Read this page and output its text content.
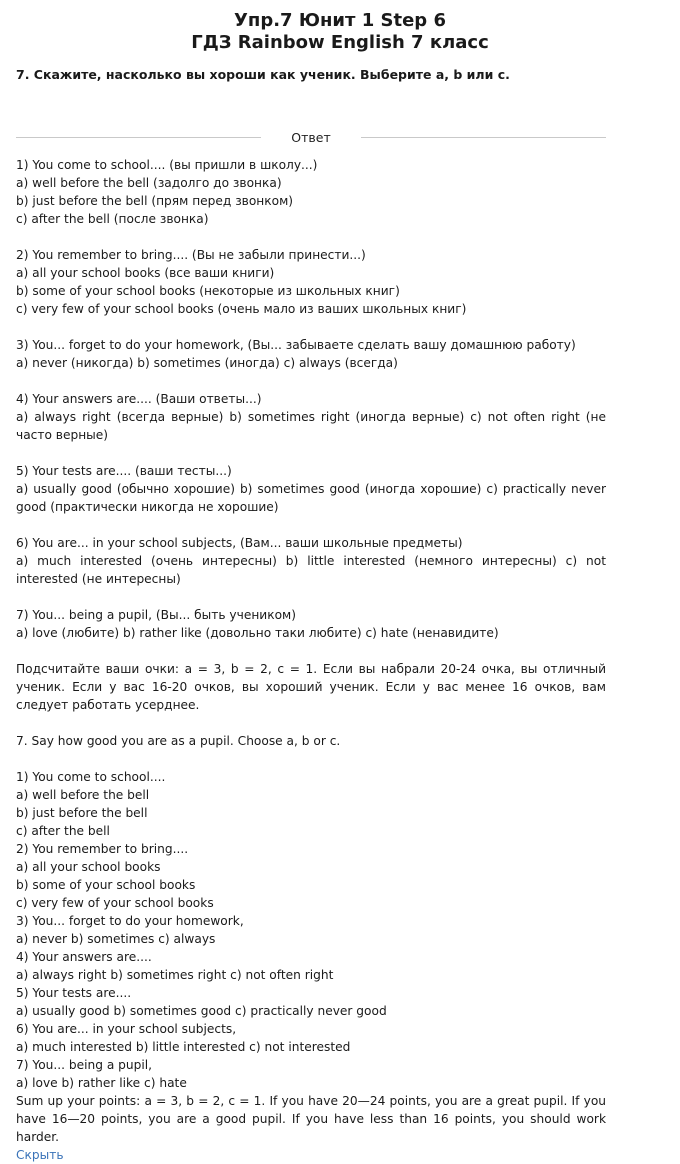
Упр.7 Юнит 1 Step 6
ГДЗ Rainbow English 7 класс

7. Скажите, насколько вы хороши как ученик. Выберите a, b или c.

Ответ

1) You come to school.... (вы пришли в школу...)
a) well before the bell (задолго до звонка)
b) just before the bell (прям перед звонком)
c) after the bell (после звонка)

2) You remember to bring.... (Вы не забыли принести...)
a) all your school books (все ваши книги)
b) some of your school books (некоторые из школьных книг)
c) very few of your school books (очень мало из ваших школьных книг)

3) You... forget to do your homework, (Вы... забываете сделать вашу домашнюю работу)
a) never (никогда) b) sometimes (иногда) c) always (всегда)

4) Your answers are.... (Ваши ответы...)
a) always right (всегда верные) b) sometimes right (иногда верные) c) not often right (не часто верные)

5) Your tests are.... (ваши тесты...)
a) usually good (обычно хорошие) b) sometimes good (иногда хорошие) c) practically never good (практически никогда не хорошие)

6) You are... in your school subjects, (Вам... ваши школьные предметы)
a) much interested (очень интересны) b) little interested (немного интересны) c) not interested (не интересны)

7) You... being a pupil, (Вы... быть учеником)
a) love (любите) b) rather like (довольно таки любите) c) hate (ненавидите)

Подсчитайте ваши очки: a = 3, b = 2, c = 1. Если вы набрали 20-24 очка, вы отличный ученик. Если у вас 16-20 очков, вы хороший ученик. Если у вас менее 16 очков, вам следует работать усерднее.

7. Say how good you are as a pupil. Choose a, b or c.

1) You come to school....
a) well before the bell
b) just before the bell
c) after the bell
2) You remember to bring....
a) all your school books
b) some of your school books
c) very few of your school books
3) You... forget to do your homework,
a) never b) sometimes c) always
4) Your answers are....
a) always right b) sometimes right c) not often right
5) Your tests are....
a) usually good b) sometimes good c) practically never good
6) You are... in your school subjects,
a) much interested b) little interested c) not interested
7) You... being a pupil,
a) love b) rather like c) hate

Sum up your points: a = 3, b = 2, c = 1. If you have 20—24 points, you are a great pupil. If you have 16—20 points, you are a good pupil. If you have less than 16 points, you should work harder.

Скрыть
